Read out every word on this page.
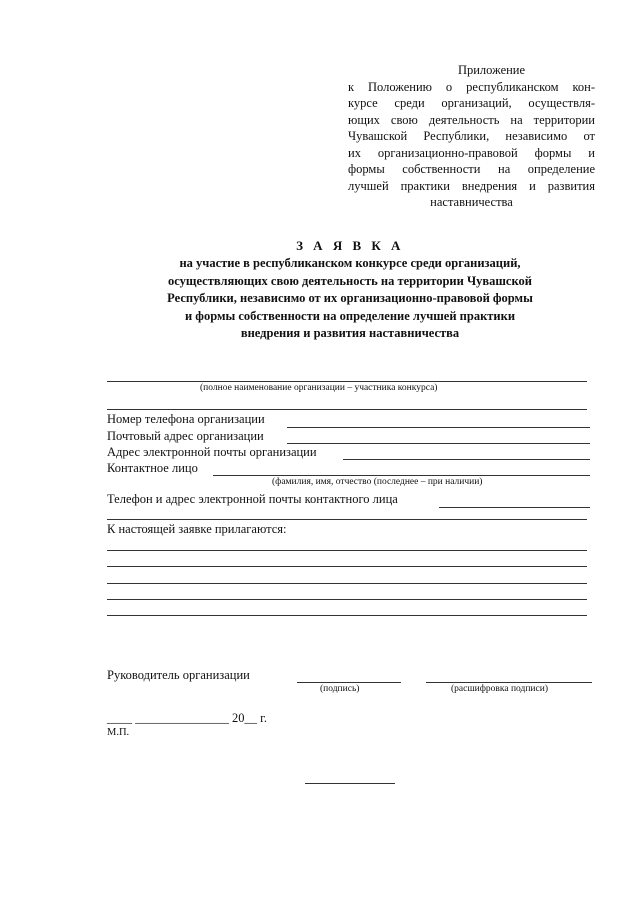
Приложение
к Положению о республиканском кон-
курсе среди организаций, осуществля-
ющих свою деятельность на территории
Чувашской Республики, независимо от
их организационно-правовой формы и
формы собственности на определение
лучшей практики внедрения и развития
наставничества
З А Я В К А
на участие в республиканском конкурсе среди организаций,
осуществляющих свою деятельность на территории Чувашской
Республики, независимо от их организационно-правовой формы
и формы собственности на определение лучшей практики
внедрения и развития наставничества
(полное наименование организации – участника конкурса)
Номер телефона организации
Почтовый адрес организации
Адрес электронной почты организации
Контактное лицо
(фамилия, имя, отчество (последнее – при наличии)
Телефон и адрес электронной почты контактного лица
К настоящей заявке прилагаются:
Руководитель организации
(подпись)	(расшифровка подписи)
____ _______________ 20__ г.
М.П.
